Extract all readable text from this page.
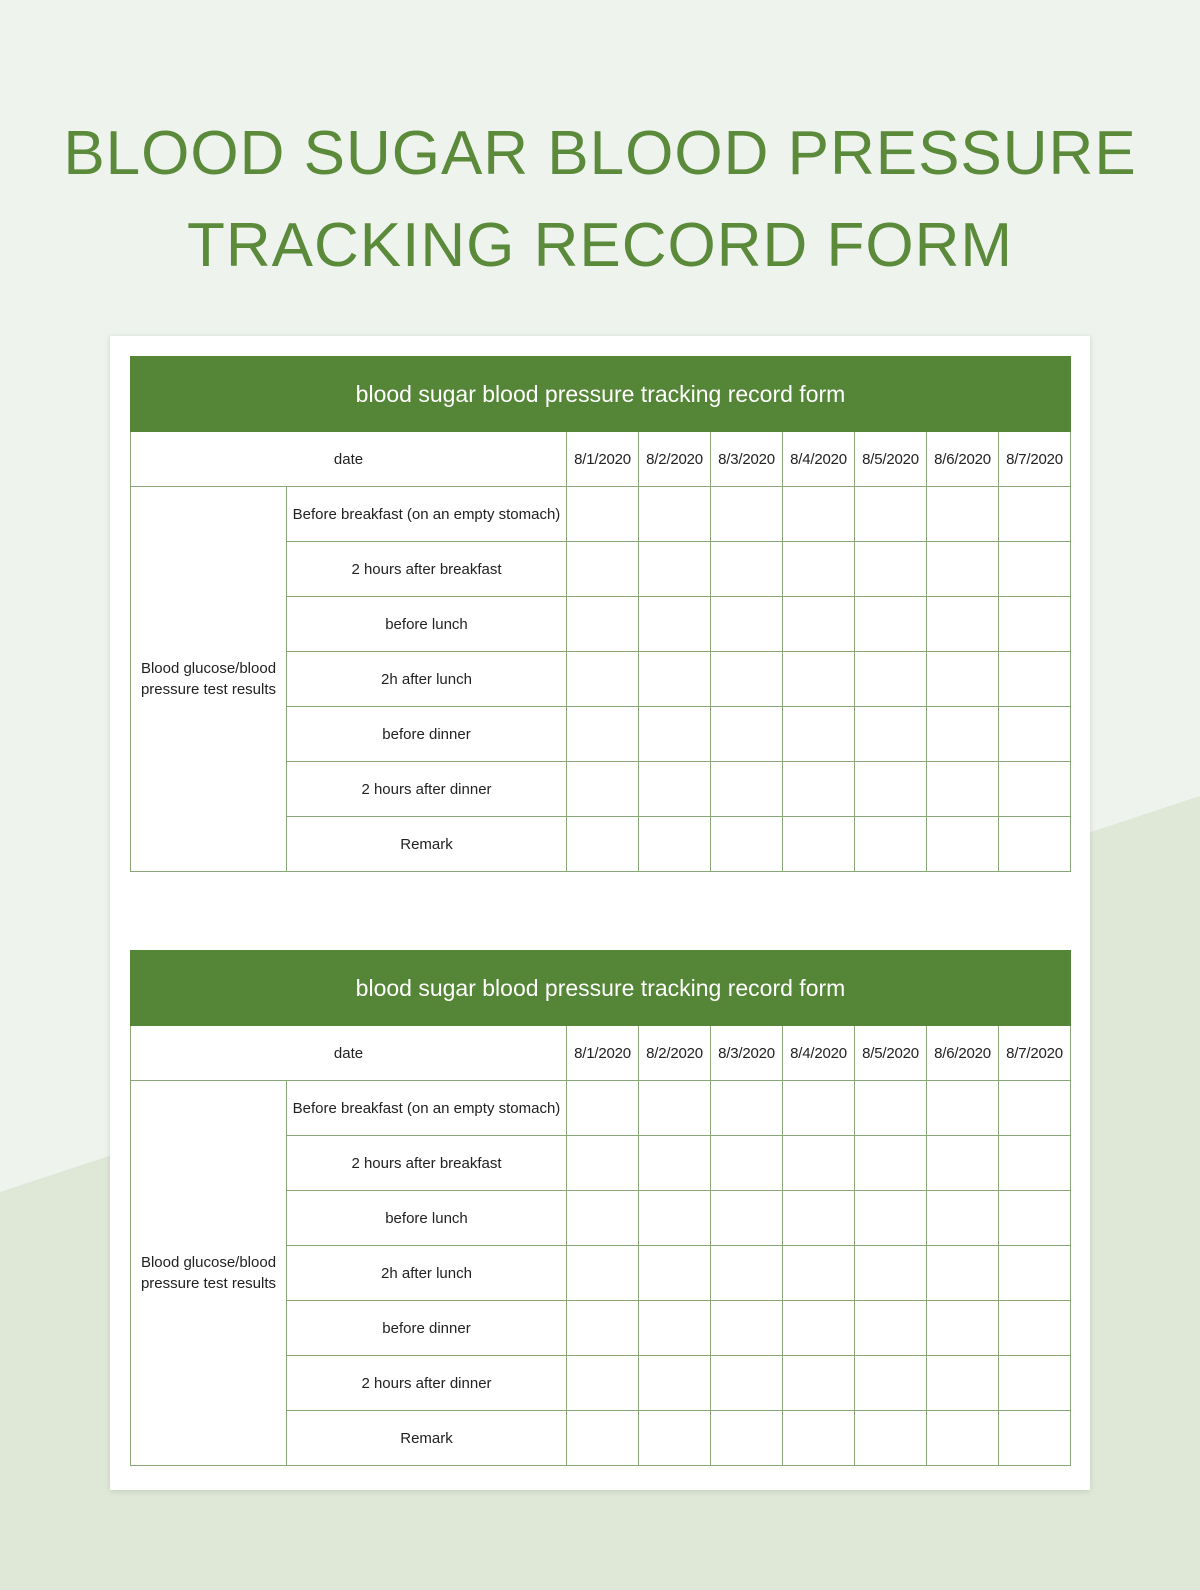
BLOOD SUGAR BLOOD PRESSURE
TRACKING RECORD FORM
blood sugar blood pressure tracking record form								
date		8/1/2020	8/2/2020	8/3/2020	8/4/2020	8/5/2020	8/6/2020	8/7/2020
Blood glucose/blood pressure test results	Before breakfast (on an empty stomach)							
	2 hours after breakfast							
	before lunch							
	2h after lunch							
	before dinner							
	2 hours after dinner							
	Remark							
blood sugar blood pressure tracking record form								
date		8/1/2020	8/2/2020	8/3/2020	8/4/2020	8/5/2020	8/6/2020	8/7/2020
Blood glucose/blood pressure test results	Before breakfast (on an empty stomach)							
	2 hours after breakfast							
	before lunch							
	2h after lunch							
	before dinner							
	2 hours after dinner							
	Remark							
